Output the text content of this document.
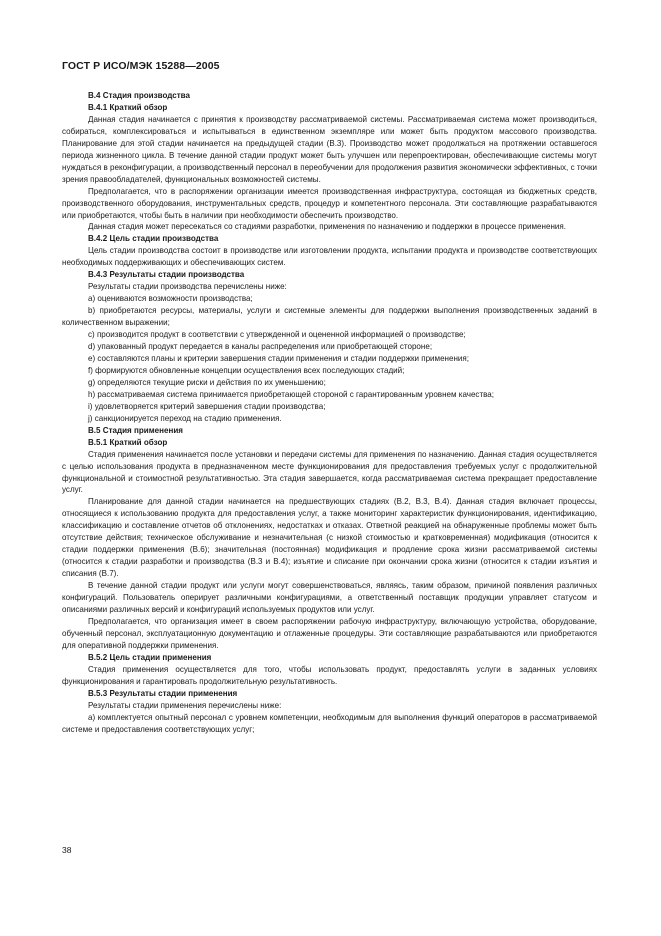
ГОСТ Р ИСО/МЭК 15288—2005
В.4 Стадия производства
В.4.1 Краткий обзор

Данная стадия начинается с принятия к производству рассматриваемой системы. Рассматриваемая система может производиться, собираться, комплексироваться и испытываться в единственном экземпляре или может быть продуктом массового производства. Планирование для этой стадии начинается на предыдущей стадии (В.3). Производство может продолжаться на протяжении оставшегося периода жизненного цикла. В течение данной стадии продукт может быть улучшен или перепроектирован, обеспечивающие системы могут нуждаться в реконфигурации, а производственный персонал в переобучении для продолжения развития экономически эффективных, с точки зрения правообладателей, функциональных возможностей системы.

Предполагается, что в распоряжении организации имеется производственная инфраструктура, состоящая из бюджетных средств, производственного оборудования, инструментальных средств, процедур и компетентного персонала. Эти составляющие разрабатываются или приобретаются, чтобы быть в наличии при необходимости обеспечить производство.

Данная стадия может пересекаться со стадиями разработки, применения по назначению и поддержки в процессе применения.

В.4.2 Цель стадии производства

Цель стадии производства состоит в производстве или изготовлении продукта, испытании продукта и производстве соответствующих необходимых поддерживающих и обеспечивающих систем.

В.4.3 Результаты стадии производства

Результаты стадии производства перечислены ниже:

а) оцениваются возможности производства;

b) приобретаются ресурсы, материалы, услуги и системные элементы для поддержки выполнения производственных заданий в количественном выражении;

с) производится продукт в соответствии с утвержденной и оцененной информацией о производстве;

d) упакованный продукт передается в каналы распределения или приобретающей стороне;

е) составляются планы и критерии завершения стадии применения и стадии поддержки применения;

f) формируются обновленные концепции осуществления всех последующих стадий;

g) определяются текущие риски и действия по их уменьшению;

h) рассматриваемая система принимается приобретающей стороной с гарантированным уровнем качества;

i) удовлетворяется критерий завершения стадии производства;

j) санкционируется переход на стадию применения.

В.5 Стадия применения
В.5.1 Краткий обзор

Стадия применения начинается после установки и передачи системы для применения по назначению. Данная стадия осуществляется с целью использования продукта в предназначенном месте функционирования для предоставления требуемых услуг с продолжительной функциональной и стоимостной результативностью. Эта стадия завершается, когда рассматриваемая система прекращает предоставление услуг.

Планирование для данной стадии начинается на предшествующих стадиях (В.2, В.3, В.4). Данная стадия включает процессы, относящиеся к использованию продукта для предоставления услуг, а также мониторинг характеристик функционирования, идентификацию, классификацию и составление отчетов об отклонениях, недостатках и отказах. Ответной реакцией на обнаруженные проблемы может быть отсутствие действия; техническое обслуживание и незначительная (с низкой стоимостью и кратковременная) модификация (относится к стадии поддержки применения (В.6); значительная (постоянная) модификация и продление срока жизни рассматриваемой системы (относится к стадии разработки и производства (В.3 и В.4); изъятие и списание при окончании срока жизни (относится к стадии изъятия и списания (В.7).

В течение данной стадии продукт или услуги могут совершенствоваться, являясь, таким образом, причиной появления различных конфигураций. Пользователь оперирует различными конфигурациями, а ответственный поставщик продукции управляет статусом и описаниями различных версий и конфигураций используемых продуктов или услуг.

Предполагается, что организация имеет в своем распоряжении рабочую инфраструктуру, включающую устройства, оборудование, обученный персонал, эксплуатационную документацию и отлаженные процедуры. Эти составляющие разрабатываются или приобретаются для оперативной поддержки применения.

В.5.2 Цель стадии применения

Стадия применения осуществляется для того, чтобы использовать продукт, предоставлять услуги в заданных условиях функционирования и гарантировать продолжительную результативность.

В.5.3 Результаты стадии применения

Результаты стадии применения перечислены ниже:

а) комплектуется опытный персонал с уровнем компетенции, необходимым для выполнения функций операторов в рассматриваемой системе и предоставления соответствующих услуг;

38
